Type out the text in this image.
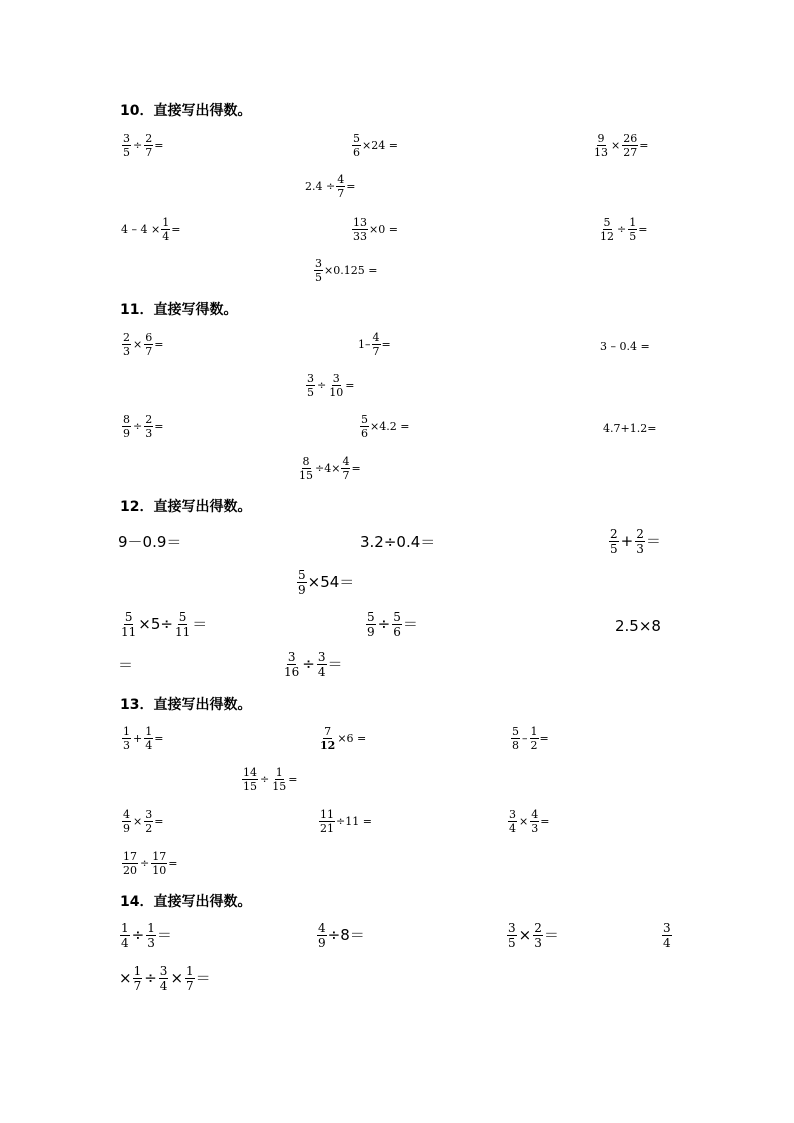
10．直接写出得数。
$\frac{3}{5} \div \frac{2}{7}$ =	$\frac{5}{6} \times 24$ =	$\frac{9}{13} \times \frac{26}{27}$ =
$2.4 \div \frac{4}{7}$ =
$4 - 4 \times \frac{1}{4}$ =	$\frac{13}{33} \times 0$ =	$\frac{5}{12} \div \frac{1}{5}$ =
$\frac{3}{5} \times 0.125$ =
11．直接写得数。
$\frac{2}{3} \times \frac{6}{7}$ =	$1- \frac{4}{7}$ =	3 – 0.4 =
$\frac{3}{5} \div \frac{3}{10}$ =
$\frac{8}{9} \div \frac{2}{3}$ =	$\frac{5}{6} \times 4.2$ =	4.7+1.2=
$\frac{8}{15} \div 4\times \frac{4}{7}$ =
12．直接写出得数。
9－0.9＝	3.2÷0.4＝	$\frac{2}{5} + \frac{2}{3}$ ＝
$\frac{5}{9} \times 54=$
$\frac{5}{11} \times 5\div \frac{5}{11}$ ＝	$\frac{5}{9} \div \frac{5}{6}$ ＝	2.5×8
＝	$\frac{3}{16} \div \frac{3}{4}$ ＝
13．直接写出得数。
$\frac{1}{3} + \frac{1}{4}$ =	$\frac{7}{12} \times 6$ =	$\frac{5}{8} - \frac{1}{2}$ =
$\frac{14}{15} \div \frac{1}{15}$ =
$\frac{4}{9} \times \frac{3}{2}$ =	$\frac{11}{21} \div 11$ =	$\frac{3}{4} \times \frac{4}{3}$ =
$\frac{17}{20} \div \frac{17}{10}$ =
14．直接写出得数。
$\frac{1}{4} \div \frac{1}{3}$ ＝	$\frac{4}{9} \div 8=$	$\frac{3}{5} \times \frac{2}{3}$ ＝	$\frac{3}{4}$
× $\frac{1}{7} \div \frac{3}{4} \times \frac{1}{7}$ ＝
